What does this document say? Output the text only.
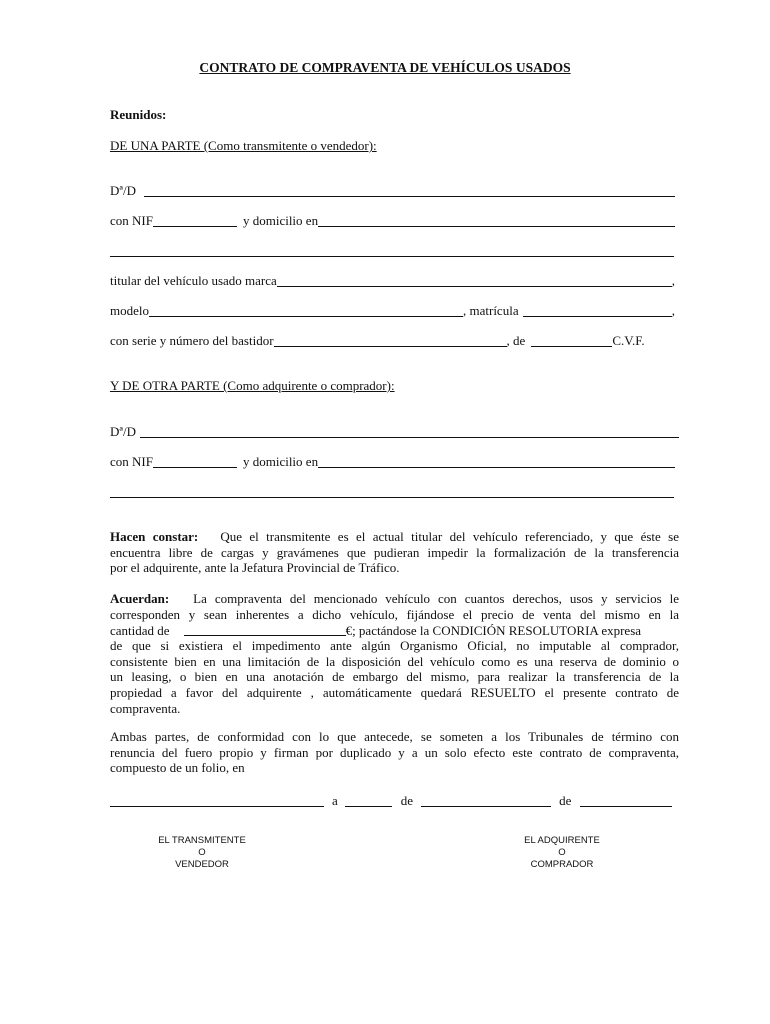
CONTRATO DE COMPRAVENTA DE VEHÍCULOS USADOS
Reunidos:
DE UNA PARTE (Como transmitente o vendedor):
Dª/D
con NIF	y domicilio en
titular del vehículo usado marca	,
modelo	, matrícula	,
con serie y número del bastidor	, de	C.V.F.
Y DE OTRA PARTE (Como adquirente o comprador):
Dª/D
con NIF	y domicilio en
Hacen constar: Que el transmitente es el actual titular del vehículo referenciado, y que éste se
encuentra libre de cargas y gravámenes que pudieran impedir la formalización de la transferencia
por el adquirente, ante la Jefatura Provincial de Tráfico.
Acuerdan: La compraventa del mencionado vehículo con cuantos derechos, usos y servicios le
corresponden y sean inherentes a dicho vehículo, fijándose el precio de venta del mismo en la
cantidad de	€; pactándose la CONDICIÓN RESOLUTORIA expresa
de que si existiera el impedimento ante algún Organismo Oficial, no imputable al comprador,
consistente bien en una limitación de la disposición del vehículo como es una reserva de dominio o
un leasing, o bien en una anotación de embargo del mismo, para realizar la transferencia de la
propiedad a favor del adquirente , automáticamente quedará RESUELTO el presente contrato de
compraventa.
Ambas partes, de conformidad con lo que antecede, se someten a los Tribunales de término con
renuncia del fuero propio y firman por duplicado y a un solo efecto este contrato de compraventa,
compuesto de un folio, en
a	de	de
EL TRANSMITENTE
O
VENDEDOR
EL ADQUIRENTE
O
COMPRADOR
